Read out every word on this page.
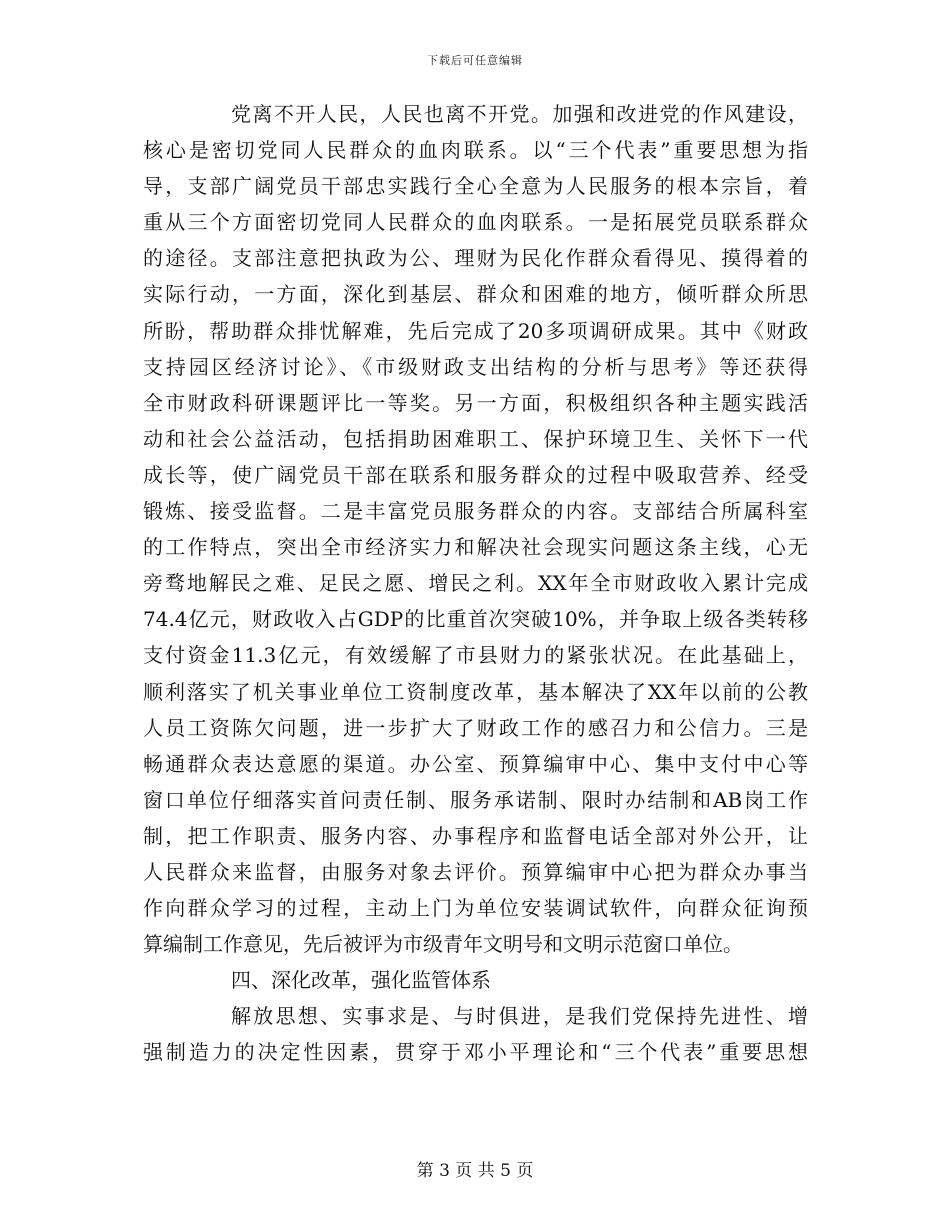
下载后可任意编辑
党离不开人民，人民也离不开党。加强和改进党的作风建设，
核心是密切党同人民群众的血肉联系。以“三个代表”重要思想为指
导，支部广阔党员干部忠实践行全心全意为人民服务的根本宗旨，着
重从三个方面密切党同人民群众的血肉联系。一是拓展党员联系群众
的途径。支部注意把执政为公、理财为民化作群众看得见、摸得着的
实际行动，一方面，深化到基层、群众和困难的地方，倾听群众所思
所盼，帮助群众排忧解难，先后完成了20多项调研成果。其中《财政
支持园区经济讨论》、《市级财政支出结构的分析与思考》等还获得
全市财政科研课题评比一等奖。另一方面，积极组织各种主题实践活
动和社会公益活动，包括捐助困难职工、保护环境卫生、关怀下一代
成长等，使广阔党员干部在联系和服务群众的过程中吸取营养、经受
锻炼、接受监督。二是丰富党员服务群众的内容。支部结合所属科室
的工作特点，突出全市经济实力和解决社会现实问题这条主线，心无
旁骛地解民之难、足民之愿、增民之利。XX年全市财政收入累计完成
74.4亿元，财政收入占GDP的比重首次突破10%，并争取上级各类转移
支付资金11.3亿元，有效缓解了市县财力的紧张状况。在此基础上，
顺利落实了机关事业单位工资制度改革，基本解决了XX年以前的公教
人员工资陈欠问题，进一步扩大了财政工作的感召力和公信力。三是
畅通群众表达意愿的渠道。办公室、预算编审中心、集中支付中心等
窗口单位仔细落实首问责任制、服务承诺制、限时办结制和AB岗工作
制，把工作职责、服务内容、办事程序和监督电话全部对外公开，让
人民群众来监督，由服务对象去评价。预算编审中心把为群众办事当
作向群众学习的过程，主动上门为单位安装调试软件，向群众征询预
算编制工作意见，先后被评为市级青年文明号和文明示范窗口单位。
四、深化改革，强化监管体系
解放思想、实事求是、与时俱进，是我们党保持先进性、增
强制造力的决定性因素，贯穿于邓小平理论和“三个代表”重要思想
第 3 页 共 5 页
